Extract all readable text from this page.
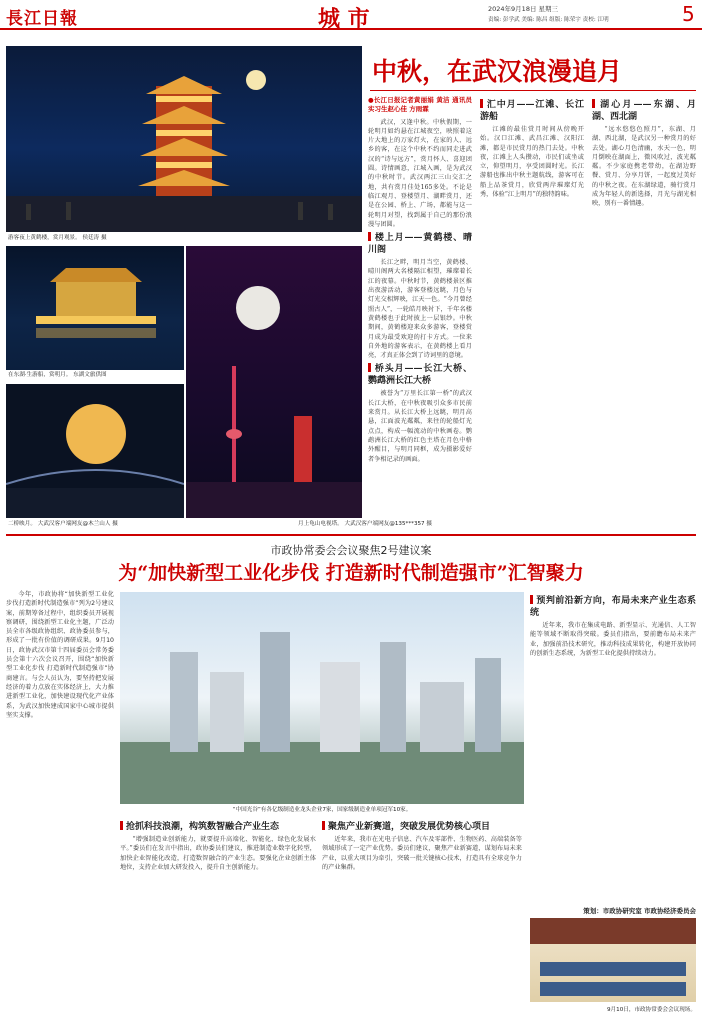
長江日報	城 市	2024年9月18日 星期三
责编: 彭学武 美编: 陈昌 组版: 陈荣宇 责校: 江明	5
游客夜上黄鹤楼，赏月观景。 侯廷涛 摄
在东湖·生游船，赏明月。 东湖文旅供图
二桥映月。 大武汉客户端网友@木兰山人 摄	月上龟山电视塔。 大武汉客户端网友@135***357 摄
中秋，在武汉浪漫追月
●长江日报记者黄丽娟 黄洁 通讯员 实习生赵心佳 方雨霖

武汉，又逢中秋。中秋假期，一轮明月如约悬在江城夜空，映照着这片大地上的万家灯火，在家的人、远乡的客，在这个中秋不约而同走进武汉的“诗与远方”，赏月怀人、喜迎团圆。诗情画意，江城入画，是为武汉的中秋时节。武汉两江三山交汇之地，共有赏月佳处165多处。不论是临江观月、登楼望月、湖畔赏月，还是在公园、桥上、广场，都能与这一轮明月对望，找到属于自己的那份浪漫与团圆。

楼上月——黄鹤楼、晴川阁

长江之畔，明月当空，黄鹤楼、晴川阁两大名楼隔江相望，璀璨着长江的夜幕。中秋时节，黄鹤楼景区推出夜游活动，游客登楼远眺，月色与灯光交相辉映，江天一色。“今月曾经照古人”，一轮皓月映衬下，千年名楼黄鹤楼也于此时披上一层银纱。中秋期间，黄鹤楼迎来众多游客，登楼赏月成为最受欢迎的打卡方式。一位来自外地的游客表示，在黄鹤楼上看月亮，才真正体会到了诗词里的意境。

桥头月——长江大桥、鹦鹉洲长江大桥

被誉为“万里长江第一桥”的武汉长江大桥，在中秋夜吸引众多市民前来赏月。从长江大桥上远眺，明月高悬，江面波光粼粼，来往的轮船灯光点点，构成一幅流动的中秋画卷。鹦鹉洲长江大桥的红色主塔在月色中格外醒目，与明月同框，成为摄影爱好者争相记录的画面。

汇中月——江滩、长江游船

江滩的最佳赏月时间从傍晚开始。汉口江滩、武昌江滩、汉阳江滩，都是市民赏月的热门去处。中秋夜，江滩上人头攒动，市民们或坐或立，仰望明月，享受团圆时光。长江游船也推出中秋主题航线，游客可在船上品茶赏月，欣赏两岸璀璨灯光秀，体验“江上明月”的独特韵味。

湖心月——东湖、月湖、西北湖

“远水悠悠色照月”，东湖、月湖、西北湖，是武汉另一种赏月的好去处。湖心月色清幽，水天一色，明月倒映在湖面上，微风吹过，波光粼粼。不少家庭携老带幼，在湖边野餐、赏月、分享月饼，一起度过美好的中秋之夜。在东湖绿道，骑行赏月成为年轻人的新选择，月光与湖光相映，别有一番情趣。

市政协常委会会议聚焦2号建议案
为“加快新型工业化步伐 打造新时代制造强市”汇智聚力

今年，市政协将“加快新型工业化步伐打造新时代制造强市”列为2号建议案，前期筹备过程中，组织委员开展视察调研，围绕新型工业化主题，广泛动员全市各级政协组织、政协委员参与，形成了一批有价值的调研成果。9月10日，政协武汉市第十四届委员会常务委员会第十六次会议召开，围绕“加快新型工业化步伐 打造新时代制造强市”协商建言。与会人员认为，要坚持把发展经济的着力点放在实体经济上，大力推进新型工业化，加快建设现代化产业体系，为武汉加快建成国家中心城市提供坚实支撑。

“中国光谷”有各亿级制造业龙头企业7家，国家级制造业单项冠军10家。
抢抓科技浪潮，构筑数智融合产业生态

“增强制造业创新能力，就要提升高端化、智能化、绿色化发展水平。”委员们在发言中指出，政协委员们建议，推进制造业数字化转型，加快企业智能化改造，打造数智融合的产业生态。要强化企业创新主体地位，支持企业加大研发投入，提升自主创新能力。

聚焦产业新赛道，突破发展优势核心项目

近年来，我市在光电子信息、汽车及零部件、生物医药、高端装备等领域形成了一定产业优势。委员们建议，聚焦产业新赛道，谋划布局未来产业，以重大项目为牵引，突破一批关键核心技术，打造具有全球竞争力的产业集群。

预判前沿新方向，布局未来产业生态系统

近年来，我市在集成电路、新型显示、光通信、人工智能等领域不断取得突破。委员们指出，要前瞻布局未来产业，加强前沿技术研究，推动科技成果转化，构建开放协同的创新生态系统，为新型工业化提供持续动力。

策划：市政协研究室 市政协经济委员会
9月10日，市政协常委会会议现场。
